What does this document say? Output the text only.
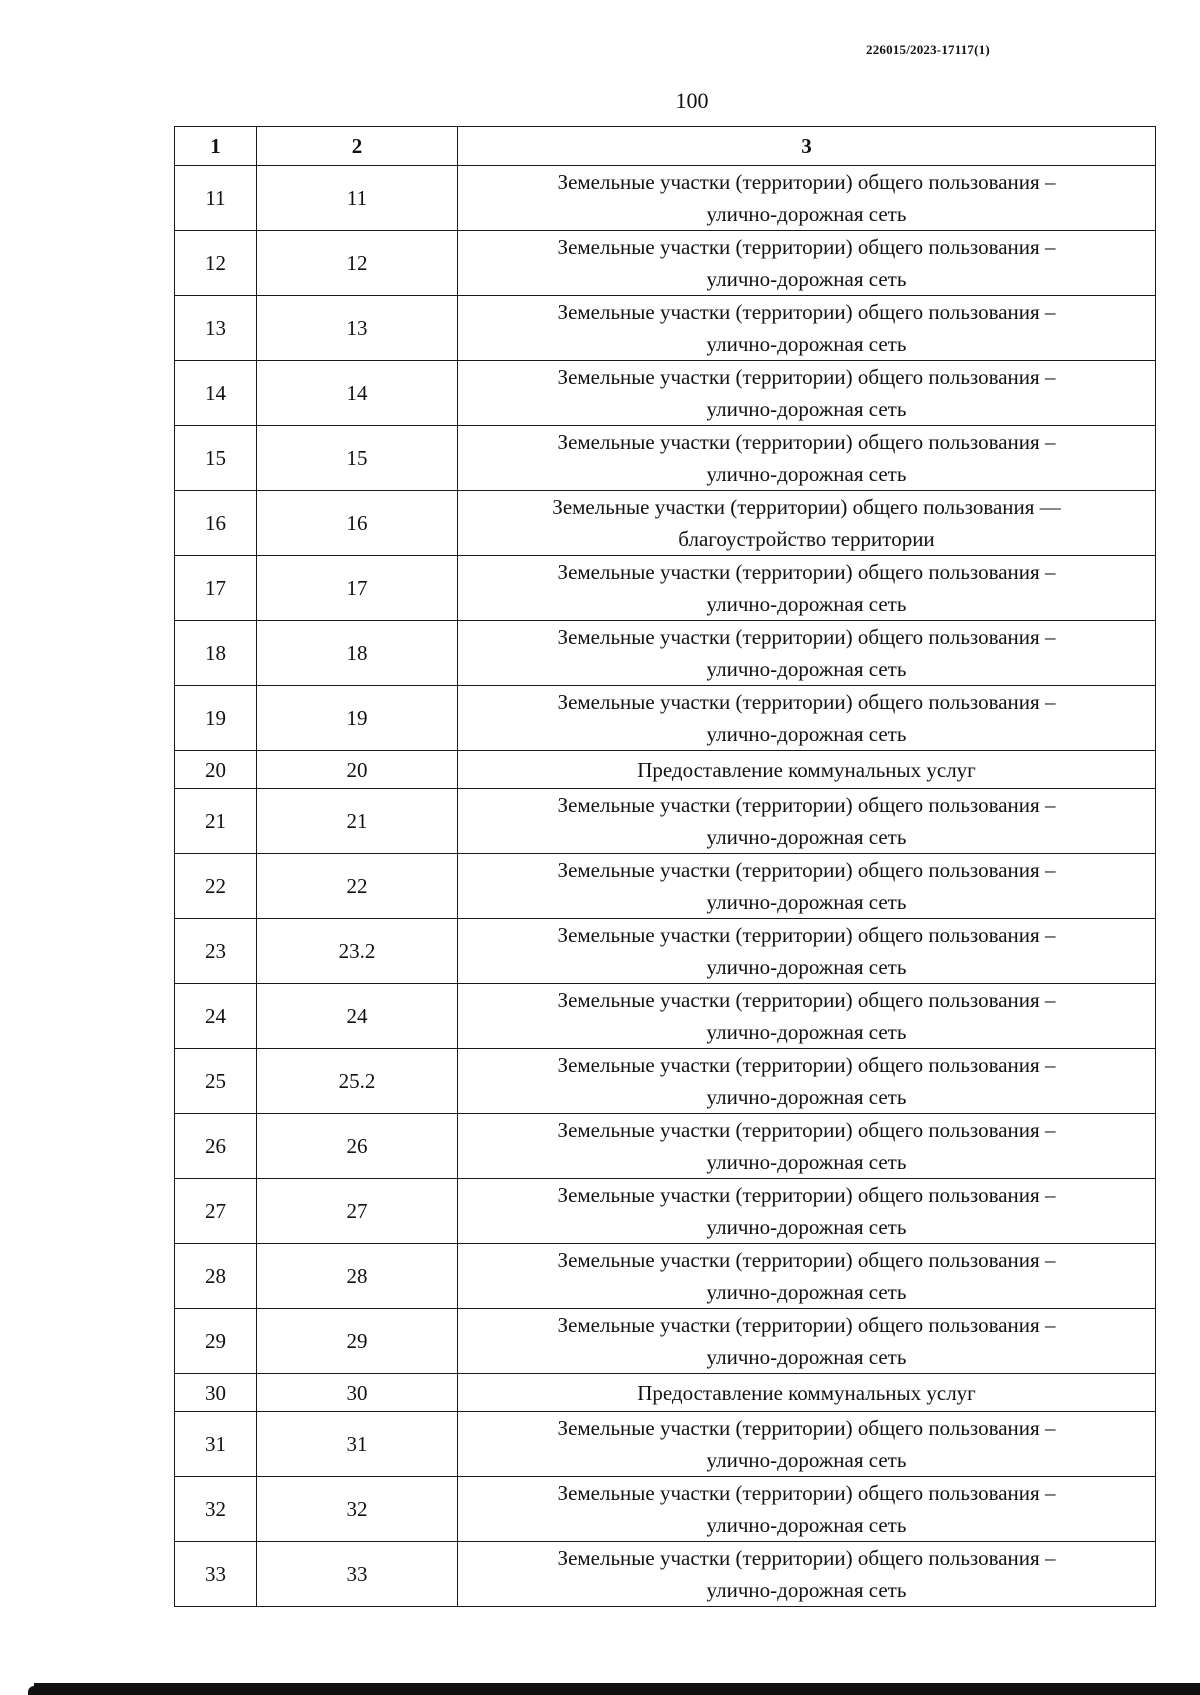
226015/2023-17117(1)
100
1	2	3
11	11	Земельные участки (территории) общего пользования –
улично-дорожная сеть

12	12	Земельные участки (территории) общего пользования –
улично-дорожная сеть

13	13	Земельные участки (территории) общего пользования –
улично-дорожная сеть

14	14	Земельные участки (территории) общего пользования –
улично-дорожная сеть

15	15	Земельные участки (территории) общего пользования –
улично-дорожная сеть

16	16	Земельные участки (территории) общего пользования —
благоустройство территории

17	17	Земельные участки (территории) общего пользования –
улично-дорожная сеть

18	18	Земельные участки (территории) общего пользования –
улично-дорожная сеть

19	19	Земельные участки (территории) общего пользования –
улично-дорожная сеть

20	20	Предоставление коммунальных услуг

21	21	Земельные участки (территории) общего пользования –
улично-дорожная сеть

22	22	Земельные участки (территории) общего пользования –
улично-дорожная сеть

23	23.2	Земельные участки (территории) общего пользования –
улично-дорожная сеть

24	24	Земельные участки (территории) общего пользования –
улично-дорожная сеть

25	25.2	Земельные участки (территории) общего пользования –
улично-дорожная сеть

26	26	Земельные участки (территории) общего пользования –
улично-дорожная сеть

27	27	Земельные участки (территории) общего пользования –
улично-дорожная сеть

28	28	Земельные участки (территории) общего пользования –
улично-дорожная сеть

29	29	Земельные участки (территории) общего пользования –
улично-дорожная сеть

30	30	Предоставление коммунальных услуг

31	31	Земельные участки (территории) общего пользования –
улично-дорожная сеть

32	32	Земельные участки (территории) общего пользования –
улично-дорожная сеть

33	33	Земельные участки (территории) общего пользования –
улично-дорожная сеть
